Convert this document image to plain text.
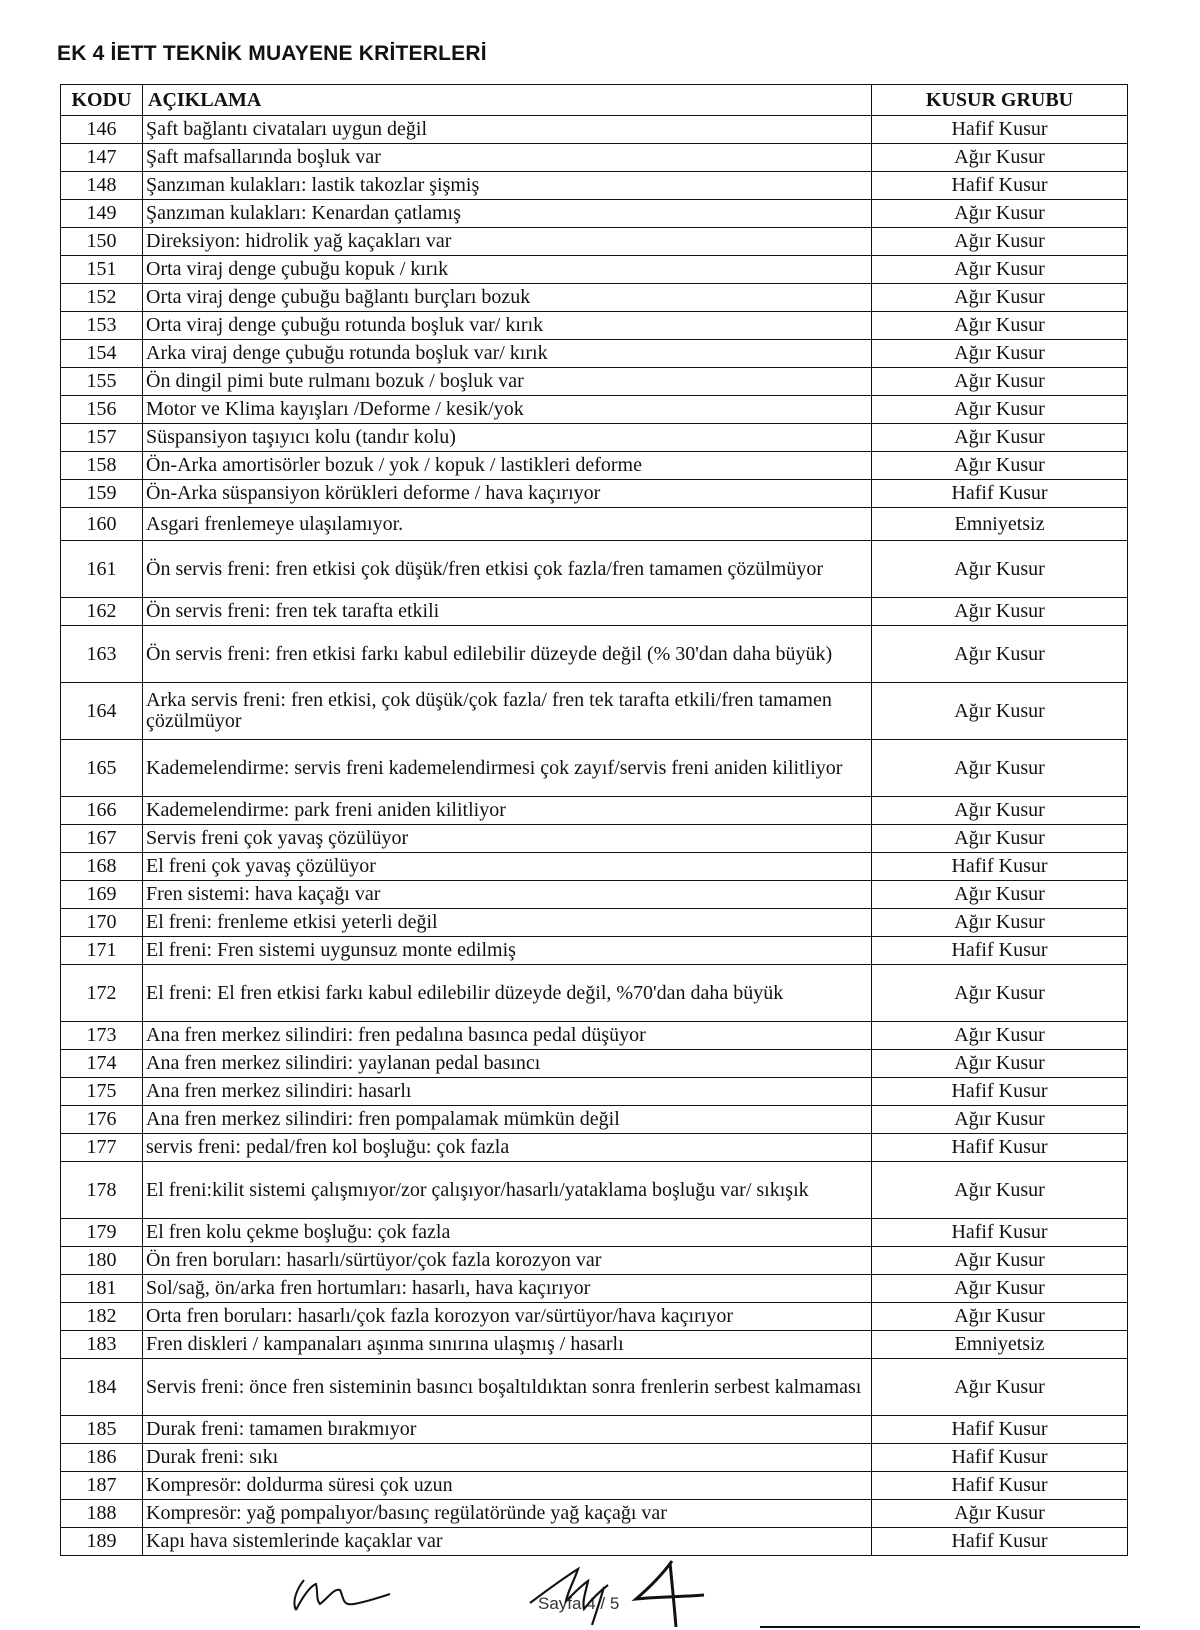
EK 4 İETT TEKNİK MUAYENE KRİTERLERİ
KODU	AÇIKLAMA	KUSUR GRUBU
146	Şaft bağlantı civataları uygun değil	Hafif Kusur
147	Şaft mafsallarında boşluk var	Ağır Kusur
148	Şanzıman kulakları: lastik takozlar şişmiş	Hafif Kusur
149	Şanzıman kulakları: Kenardan çatlamış	Ağır Kusur
150	Direksiyon: hidrolik yağ kaçakları var	Ağır Kusur
151	Orta viraj denge çubuğu kopuk / kırık	Ağır Kusur
152	Orta viraj denge çubuğu bağlantı burçları bozuk	Ağır Kusur
153	Orta viraj denge çubuğu rotunda boşluk var/ kırık	Ağır Kusur
154	Arka viraj denge çubuğu rotunda boşluk var/ kırık	Ağır Kusur
155	Ön dingil pimi bute rulmanı bozuk / boşluk var	Ağır Kusur
156	Motor ve Klima kayışları /Deforme / kesik/yok	Ağır Kusur
157	Süspansiyon taşıyıcı kolu (tandır kolu)	Ağır Kusur
158	Ön-Arka amortisörler bozuk / yok / kopuk / lastikleri deforme	Ağır Kusur
159	Ön-Arka süspansiyon körükleri deforme / hava kaçırıyor	Hafif Kusur
160	Asgari frenlemeye ulaşılamıyor.	Emniyetsiz
161	Ön servis freni: fren etkisi çok düşük/fren etkisi çok fazla/fren tamamen çözülmüyor	Ağır Kusur
162	Ön servis freni: fren tek tarafta etkili	Ağır Kusur
163	Ön servis freni: fren etkisi farkı kabul edilebilir düzeyde değil (% 30'dan daha büyük)	Ağır Kusur
164	Arka servis freni: fren etkisi, çok düşük/çok fazla/ fren tek tarafta etkili/fren tamamen çözülmüyor	Ağır Kusur
165	Kademelendirme: servis freni kademelendirmesi çok zayıf/servis freni aniden kilitliyor	Ağır Kusur
166	Kademelendirme: park freni aniden kilitliyor	Ağır Kusur
167	Servis freni çok yavaş çözülüyor	Ağır Kusur
168	El freni çok yavaş çözülüyor	Hafif Kusur
169	Fren sistemi: hava kaçağı var	Ağır Kusur
170	El freni: frenleme etkisi yeterli değil	Ağır Kusur
171	El freni: Fren sistemi uygunsuz monte edilmiş	Hafif Kusur
172	El freni: El fren etkisi farkı kabul edilebilir düzeyde değil, %70'dan daha büyük	Ağır Kusur
173	Ana fren merkez silindiri: fren pedalına basınca pedal düşüyor	Ağır Kusur
174	Ana fren merkez silindiri: yaylanan pedal basıncı	Ağır Kusur
175	Ana fren merkez silindiri: hasarlı	Hafif Kusur
176	Ana fren merkez silindiri: fren pompalamak mümkün değil	Ağır Kusur
177	servis freni: pedal/fren kol boşluğu: çok fazla	Hafif Kusur
178	El freni:kilit sistemi çalışmıyor/zor çalışıyor/hasarlı/yataklama boşluğu var/ sıkışık	Ağır Kusur
179	El fren kolu çekme boşluğu: çok fazla	Hafif Kusur
180	Ön fren boruları: hasarlı/sürtüyor/çok fazla korozyon var	Ağır Kusur
181	Sol/sağ, ön/arka fren hortumları: hasarlı, hava kaçırıyor	Ağır Kusur
182	Orta fren boruları: hasarlı/çok fazla korozyon var/sürtüyor/hava kaçırıyor	Ağır Kusur
183	Fren diskleri / kampanaları aşınma sınırına ulaşmış / hasarlı	Emniyetsiz
184	Servis freni: önce fren sisteminin basıncı boşaltıldıktan sonra frenlerin serbest kalmaması	Ağır Kusur
185	Durak freni: tamamen bırakmıyor	Hafif Kusur
186	Durak freni: sıkı	Hafif Kusur
187	Kompresör: doldurma süresi çok uzun	Hafif Kusur
188	Kompresör: yağ pompalıyor/basınç regülatöründe yağ kaçağı var	Ağır Kusur
189	Kapı hava sistemlerinde kaçaklar var	Hafif Kusur
Sayfa 4 / 5
